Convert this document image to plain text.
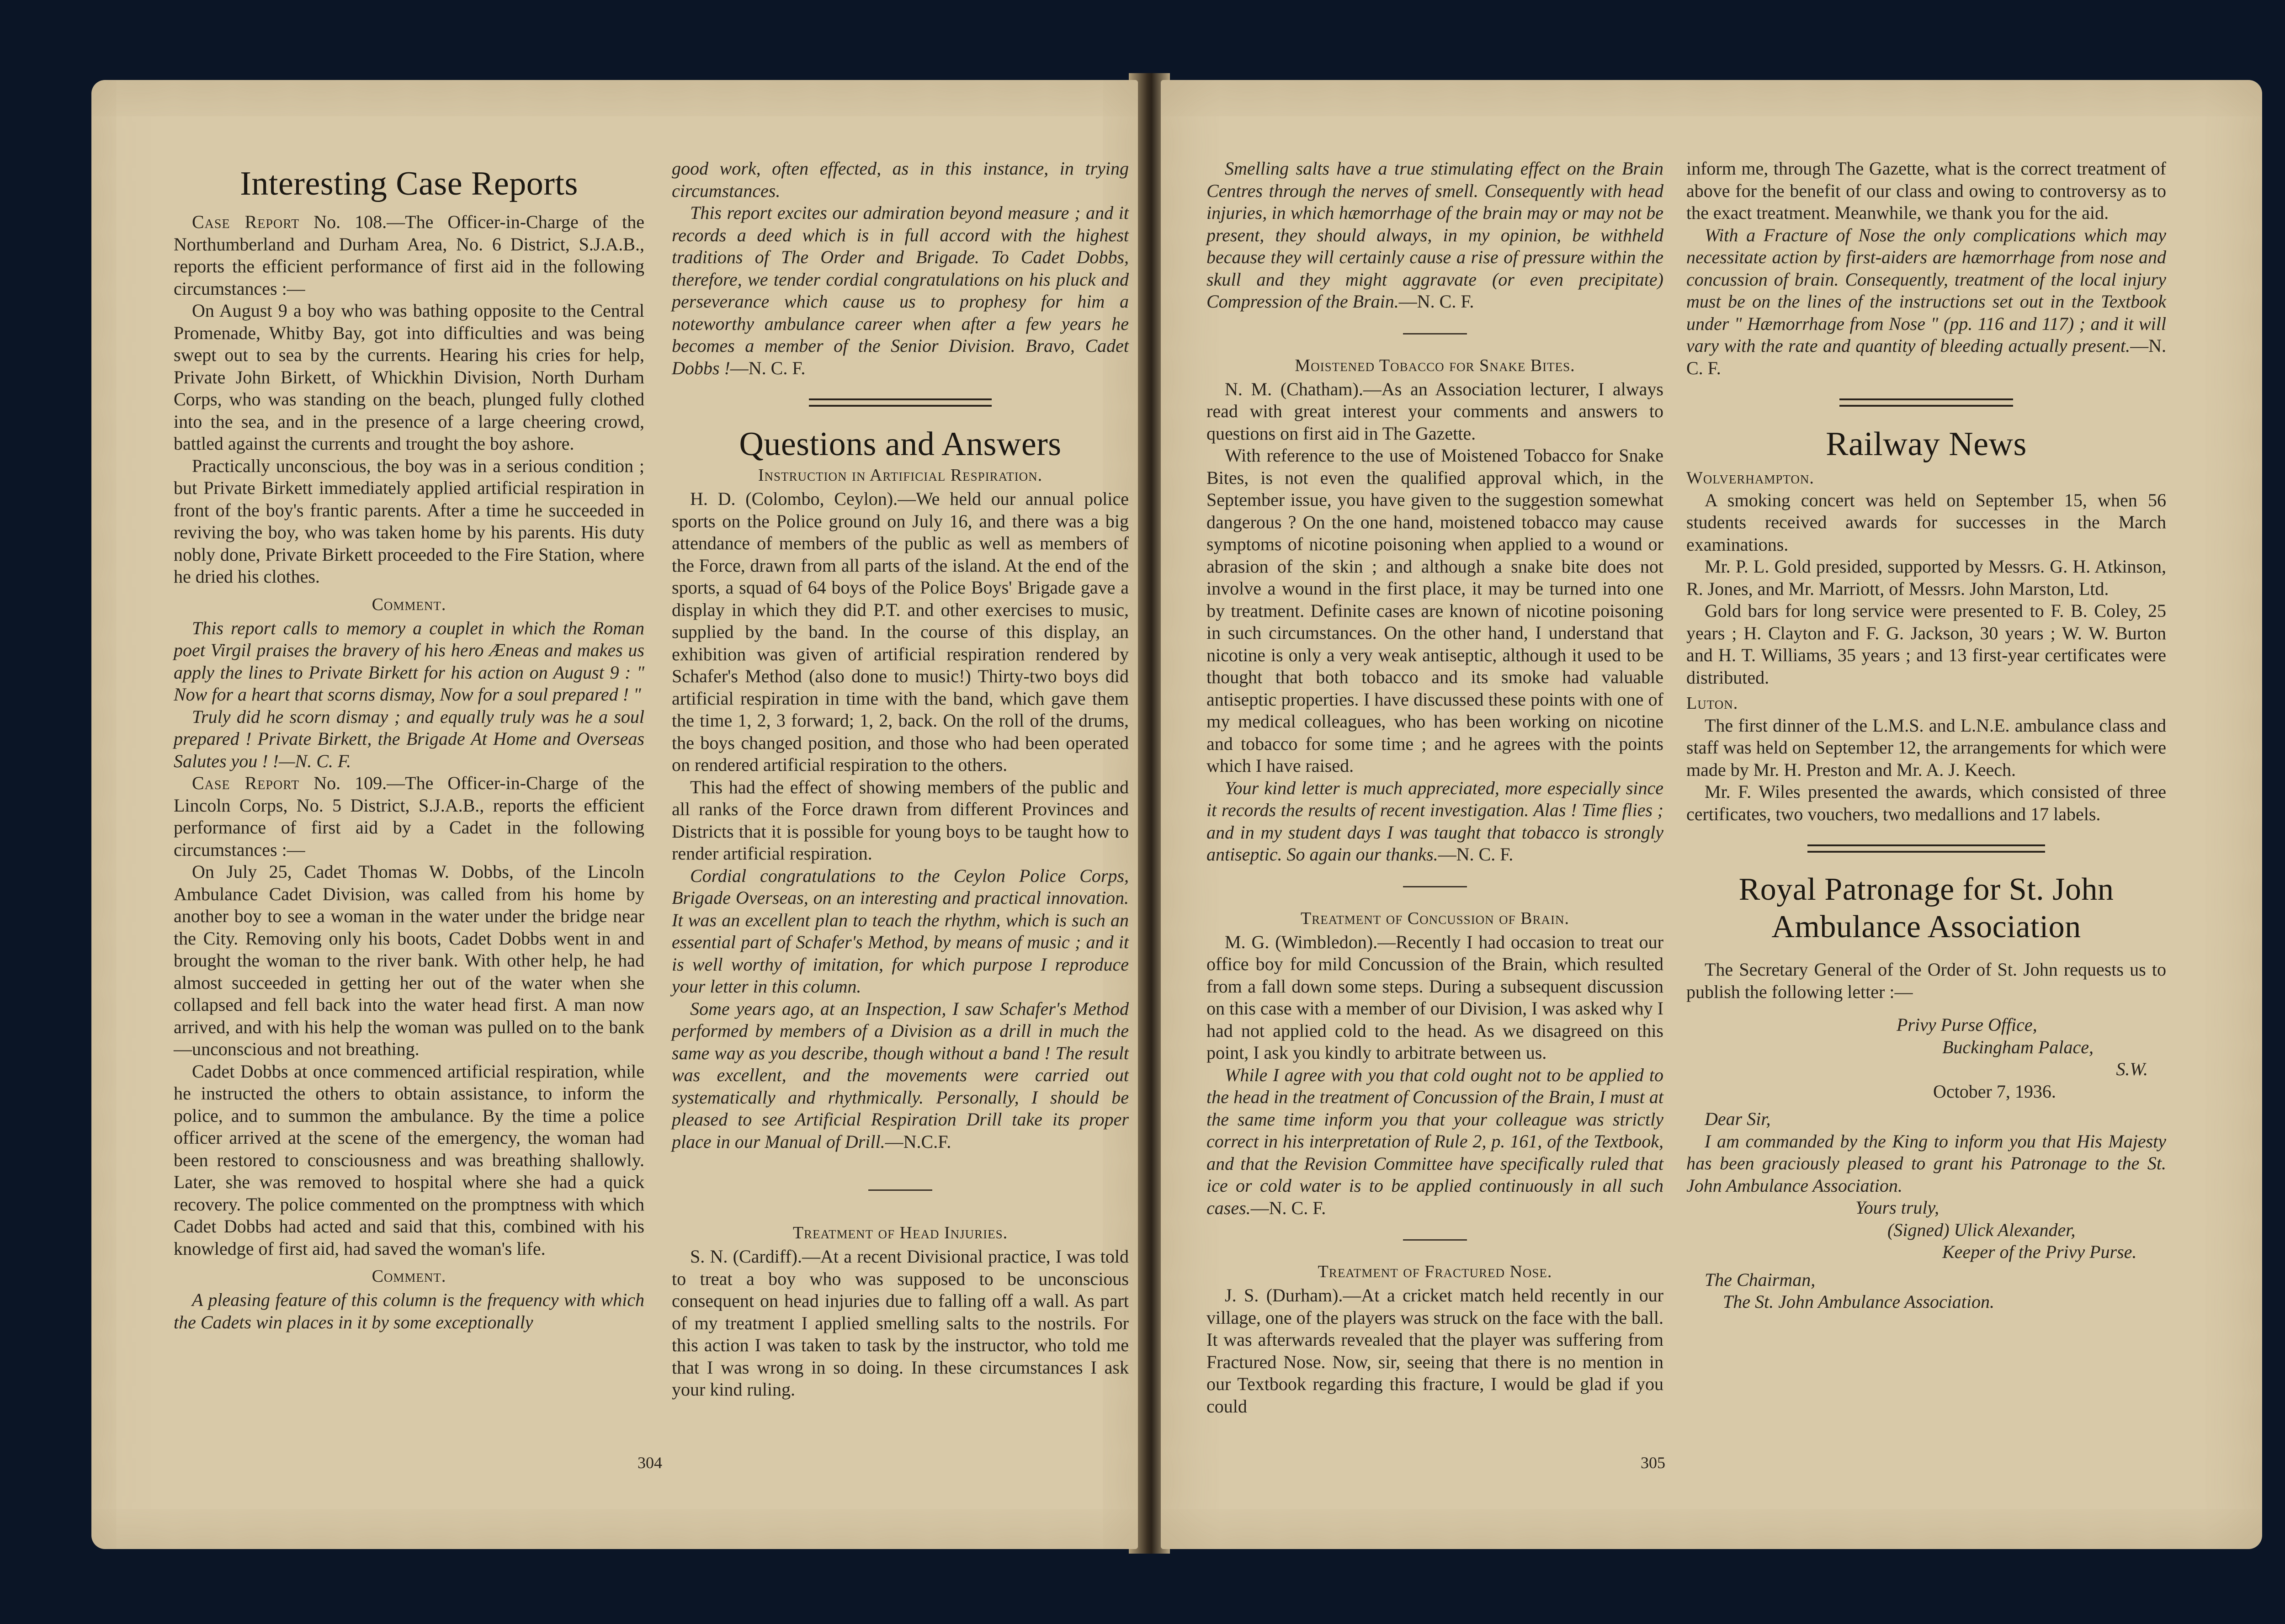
Interesting Case Reports

Case Report No. 108.—The Officer-in-Charge of the Northumberland and Durham Area, No. 6 District, S.J.A.B., reports the efficient performance of first aid in the following circumstances :—

On August 9 a boy who was bathing opposite to the Central Promenade, Whitby Bay, got into difficulties and was being swept out to sea by the currents. Hearing his cries for help, Private John Birkett, of Whickhin Division, North Durham Corps, who was standing on the beach, plunged fully clothed into the sea, and in the presence of a large cheering crowd, battled against the currents and trought the boy ashore.

Practically unconscious, the boy was in a serious condition ; but Private Birkett immediately applied artificial respiration in front of the boy's frantic parents. After a time he succeeded in reviving the boy, who was taken home by his parents. His duty nobly done, Private Birkett proceeded to the Fire Station, where he dried his clothes.

Comment.

This report calls to memory a couplet in which the Roman poet Virgil praises the bravery of his hero Æneas and makes us apply the lines to Private Birkett for his action on August 9 : " Now for a heart that scorns dismay, Now for a soul prepared ! "

Truly did he scorn dismay ; and equally truly was he a soul prepared ! Private Birkett, the Brigade At Home and Overseas Salutes you ! !—N. C. F.

Case Report No. 109.—The Officer-in-Charge of the Lincoln Corps, No. 5 District, S.J.A.B., reports the efficient performance of first aid by a Cadet in the following circumstances :—

On July 25, Cadet Thomas W. Dobbs, of the Lincoln Ambulance Cadet Division, was called from his home by another boy to see a woman in the water under the bridge near the City. Removing only his boots, Cadet Dobbs went in and brought the woman to the river bank. With other help, he had almost succeeded in getting her out of the water when she collapsed and fell back into the water head first. A man now arrived, and with his help the woman was pulled on to the bank—unconscious and not breathing.

Cadet Dobbs at once commenced artificial respiration, while he instructed the others to obtain assistance, to inform the police, and to summon the ambulance. By the time a police officer arrived at the scene of the emergency, the woman had been restored to consciousness and was breathing shallowly. Later, she was removed to hospital where she had a quick recovery. The police commented on the promptness with which Cadet Dobbs had acted and said that this, combined with his knowledge of first aid, had saved the woman's life.

Comment.

A pleasing feature of this column is the frequency with which the Cadets win places in it by some exceptionally

good work, often effected, as in this instance, in trying circumstances.

This report excites our admiration beyond measure ; and it records a deed which is in full accord with the highest traditions of The Order and Brigade. To Cadet Dobbs, therefore, we tender cordial congratulations on his pluck and perseverance which cause us to prophesy for him a noteworthy ambulance career when after a few years he becomes a member of the Senior Division. Bravo, Cadet Dobbs !—N. C. F.

Questions and Answers
Instruction in Artificial Respiration.

H. D. (Colombo, Ceylon).—We held our annual police sports on the Police ground on July 16, and there was a big attendance of members of the public as well as members of the Force, drawn from all parts of the island. At the end of the sports, a squad of 64 boys of the Police Boys' Brigade gave a display in which they did P.T. and other exercises to music, supplied by the band. In the course of this display, an exhibition was given of artificial respiration rendered by Schafer's Method (also done to music!) Thirty-two boys did artificial respiration in time with the band, which gave them the time 1, 2, 3 forward; 1, 2, back. On the roll of the drums, the boys changed position, and those who had been operated on rendered artificial respiration to the others.

This had the effect of showing members of the public and all ranks of the Force drawn from different Provinces and Districts that it is possible for young boys to be taught how to render artificial respiration.

Cordial congratulations to the Ceylon Police Corps, Brigade Overseas, on an interesting and practical innovation. It was an excellent plan to teach the rhythm, which is such an essential part of Schafer's Method, by means of music ; and it is well worthy of imitation, for which purpose I reproduce your letter in this column.

Some years ago, at an Inspection, I saw Schafer's Method performed by members of a Division as a drill in much the same way as you describe, though without a band ! The result was excellent, and the movements were carried out systematically and rhythmically. Personally, I should be pleased to see Artificial Respiration Drill take its proper place in our Manual of Drill.—N.C.F.

Treatment of Head Injuries.

S. N. (Cardiff).—At a recent Divisional practice, I was told to treat a boy who was supposed to be unconscious consequent on head injuries due to falling off a wall. As part of my treatment I applied smelling salts to the nostrils. For this action I was taken to task by the instructor, who told me that I was wrong in so doing. In these circumstances I ask your kind ruling.

304

Smelling salts have a true stimulating effect on the Brain Centres through the nerves of smell. Consequently with head injuries, in which hæmorrhage of the brain may or may not be present, they should always, in my opinion, be withheld because they will certainly cause a rise of pressure within the skull and they might aggravate (or even precipitate) Compression of the Brain.—N. C. F.

Moistened Tobacco for Snake Bites.

N. M. (Chatham).—As an Association lecturer, I always read with great interest your comments and answers to questions on first aid in The Gazette.

With reference to the use of Moistened Tobacco for Snake Bites, is not even the qualified approval which, in the September issue, you have given to the suggestion somewhat dangerous ? On the one hand, moistened tobacco may cause symptoms of nicotine poisoning when applied to a wound or abrasion of the skin ; and although a snake bite does not involve a wound in the first place, it may be turned into one by treatment. Definite cases are known of nicotine poisoning in such circumstances. On the other hand, I understand that nicotine is only a very weak antiseptic, although it used to be thought that both tobacco and its smoke had valuable antiseptic properties. I have discussed these points with one of my medical colleagues, who has been working on nicotine and tobacco for some time ; and he agrees with the points which I have raised.

Your kind letter is much appreciated, more especially since it records the results of recent investigation. Alas ! Time flies ; and in my student days I was taught that tobacco is strongly antiseptic. So again our thanks.—N. C. F.

Treatment of Concussion of Brain.

M. G. (Wimbledon).—Recently I had occasion to treat our office boy for mild Concussion of the Brain, which resulted from a fall down some steps. During a subsequent discussion on this case with a member of our Division, I was asked why I had not applied cold to the head. As we disagreed on this point, I ask you kindly to arbitrate between us.

While I agree with you that cold ought not to be applied to the head in the treatment of Concussion of the Brain, I must at the same time inform you that your colleague was strictly correct in his interpretation of Rule 2, p. 161, of the Textbook, and that the Revision Committee have specifically ruled that ice or cold water is to be applied continuously in all such cases.—N. C. F.

Treatment of Fractured Nose.

J. S. (Durham).—At a cricket match held recently in our village, one of the players was struck on the face with the ball. It was afterwards revealed that the player was suffering from Fractured Nose. Now, sir, seeing that there is no mention in our Textbook regarding this fracture, I would be glad if you could

inform me, through The Gazette, what is the correct treatment of above for the benefit of our class and owing to controversy as to the exact treatment. Meanwhile, we thank you for the aid.

With a Fracture of Nose the only complications which may necessitate action by first-aiders are hæmorrhage from nose and concussion of brain. Consequently, treatment of the local injury must be on the lines of the instructions set out in the Textbook under " Hæmorrhage from Nose " (pp. 116 and 117) ; and it will vary with the rate and quantity of bleeding actually present.—N. C. F.

Railway News
Wolverhampton.

A smoking concert was held on September 15, when 56 students received awards for successes in the March examinations.

Mr. P. L. Gold presided, supported by Messrs. G. H. Atkinson, R. Jones, and Mr. Marriott, of Messrs. John Marston, Ltd.

Gold bars for long service were presented to F. B. Coley, 25 years ; H. Clayton and F. G. Jackson, 30 years ; W. W. Burton and H. T. Williams, 35 years ; and 13 first-year certificates were distributed.

Luton.

The first dinner of the L.M.S. and L.N.E. ambulance class and staff was held on September 12, the arrangements for which were made by Mr. H. Preston and Mr. A. J. Keech.

Mr. F. Wiles presented the awards, which consisted of three certificates, two vouchers, two medallions and 17 labels.

Royal Patronage for St. John Ambulance Association

The Secretary General of the Order of St. John requests us to publish the following letter :—

Privy Purse Office,

Buckingham Palace,

S.W.

October 7, 1936.

Dear Sir,

I am commanded by the King to inform you that His Majesty has been graciously pleased to grant his Patronage to the St. John Ambulance Association.

Yours truly,

(Signed) Ulick Alexander,

Keeper of the Privy Purse.

The Chairman,

The St. John Ambulance Association.

305
